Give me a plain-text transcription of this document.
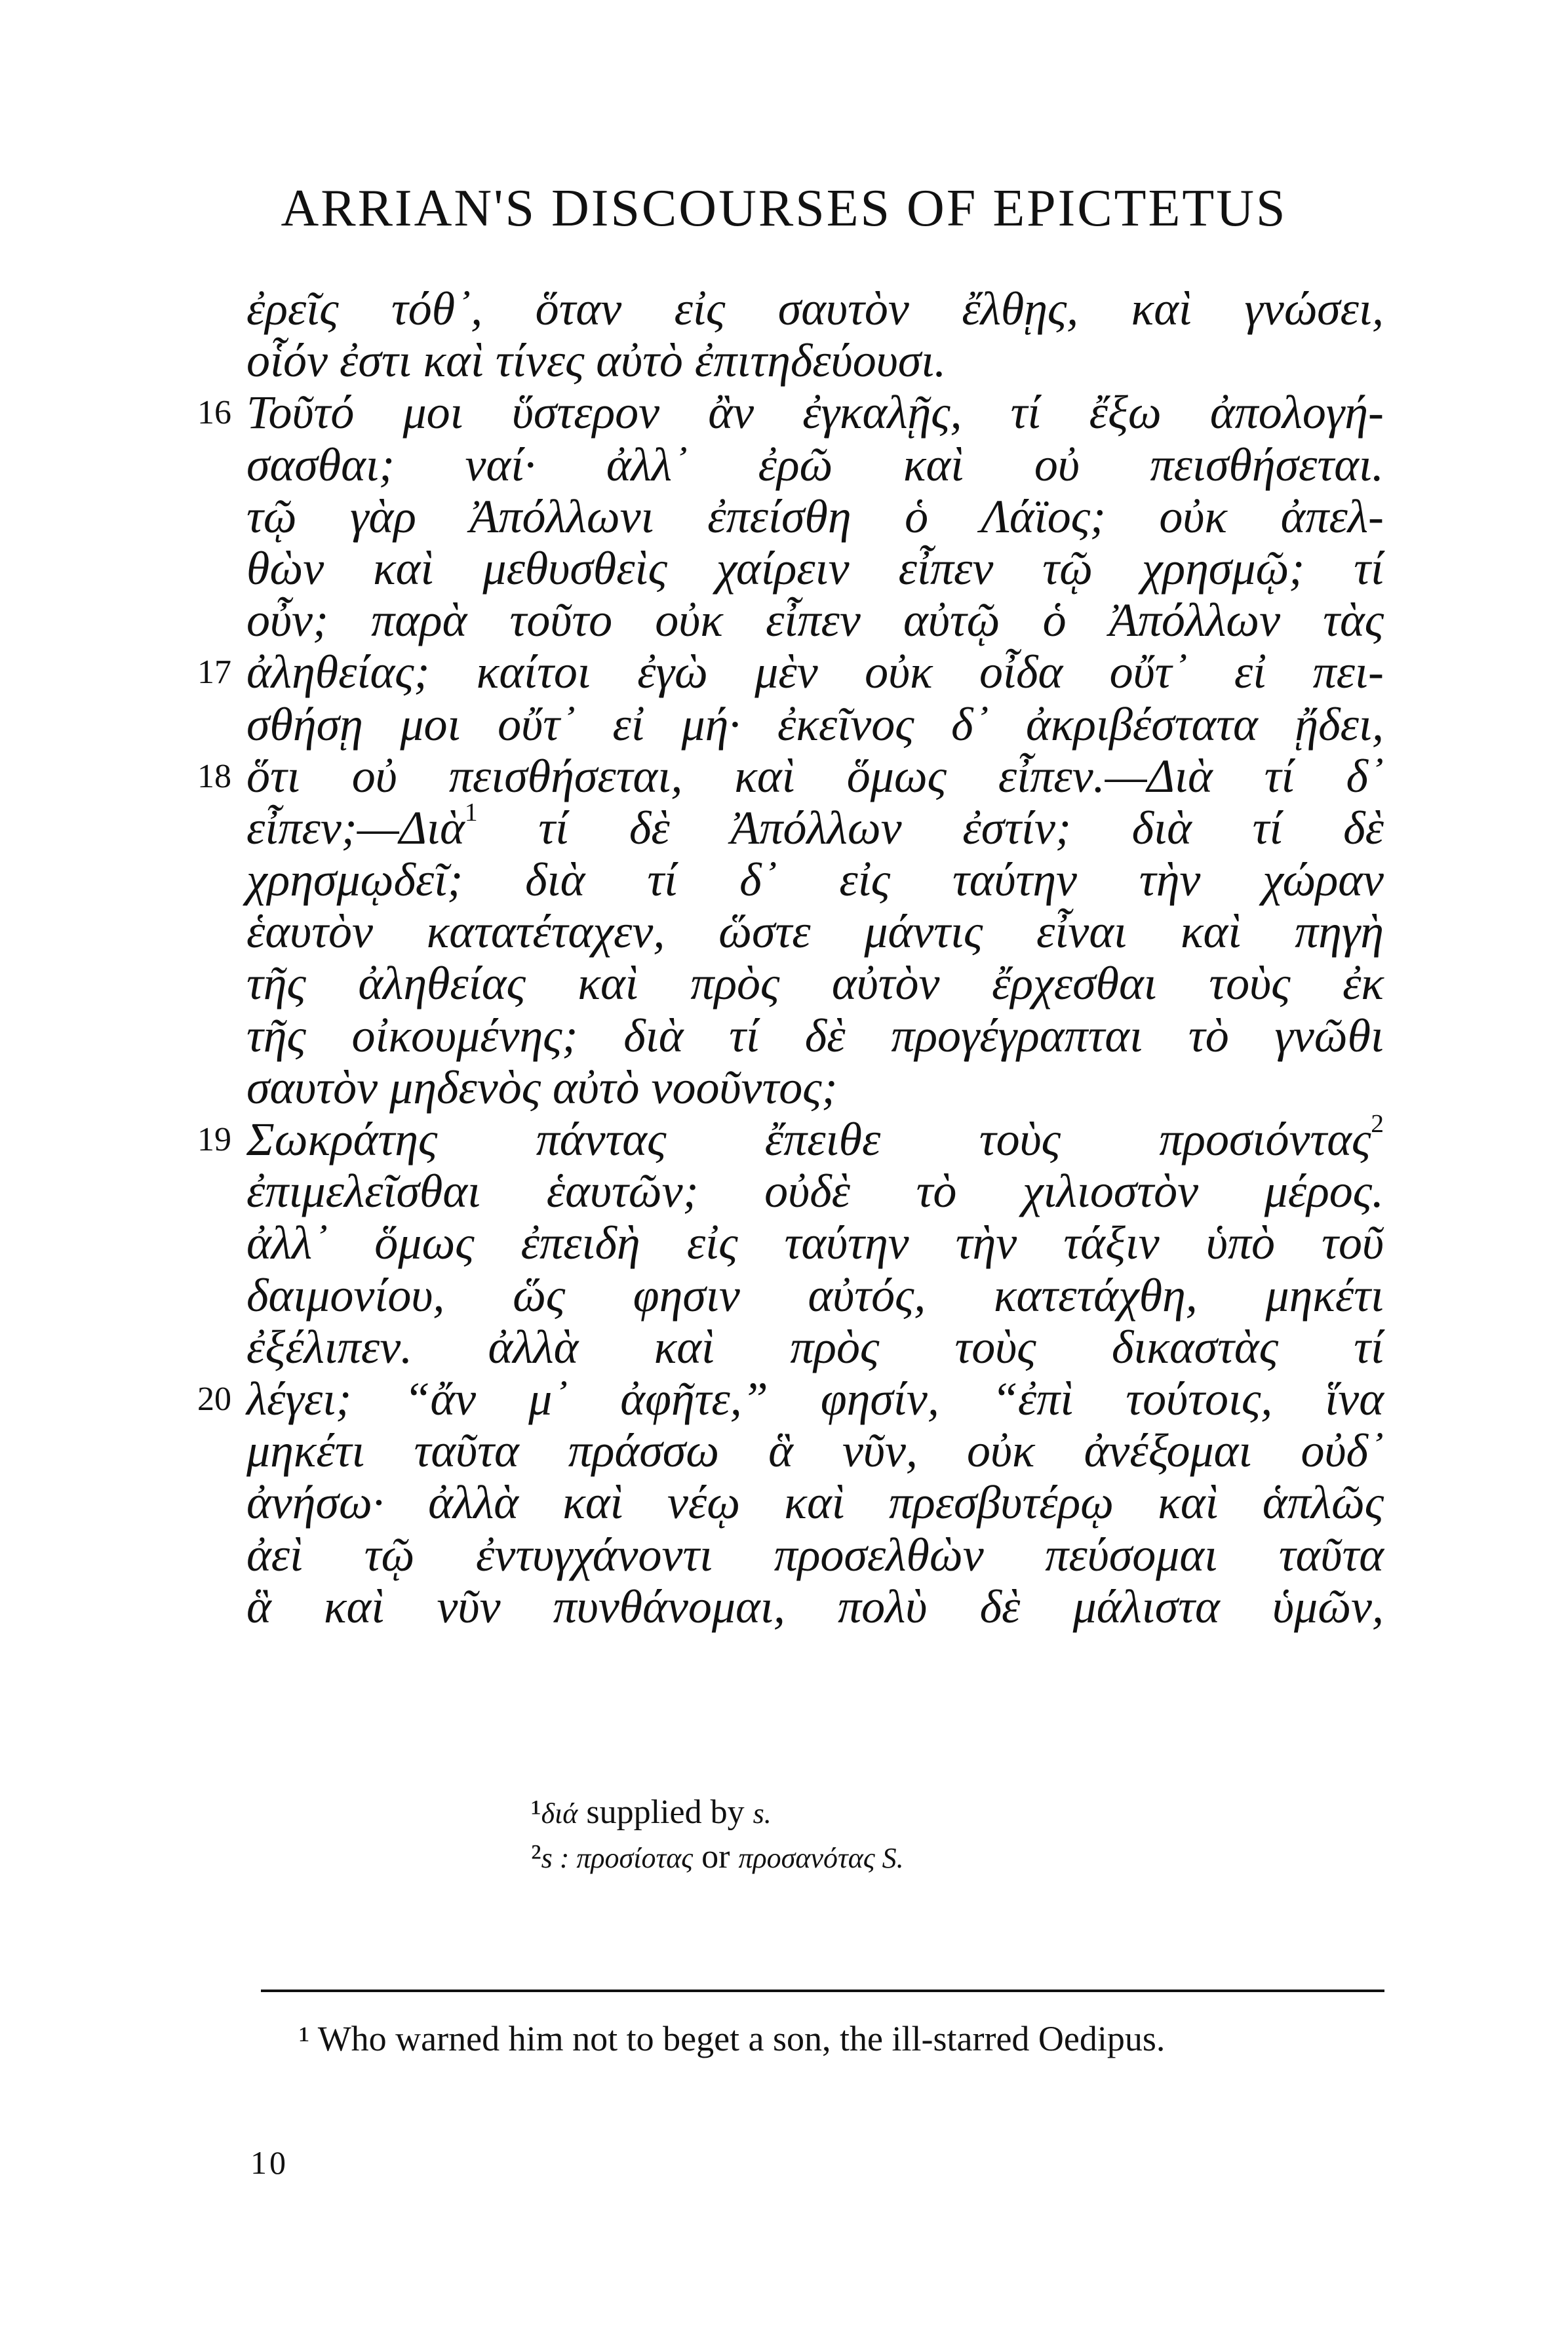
ARRIAN'S DISCOURSES OF EPICTETUS
ἐρεῖς τόθ᾽, ὅταν εἰς σαυτὸν ἔλθῃς, καὶ γνώσει,
οἷόν ἐστι καὶ τίνες αὐτὸ ἐπιτηδεύουσι.
16 Τοῦτό μοι ὕστερον ἂν ἐγκαλῇς, τί ἔξω ἀπολογή-
σασθαι; ναί· ἀλλ᾽ ἐρῶ καὶ οὐ πεισθήσεται.
τῷ γὰρ Ἀπόλλωνι ἐπείσθη ὁ Λάϊος; οὐκ ἀπελ-
θὼν καὶ μεθυσθεὶς χαίρειν εἶπεν τῷ χρησμῷ; τί
οὖν; παρὰ τοῦτο οὐκ εἶπεν αὐτῷ ὁ Ἀπόλλων τὰς
17 ἀληθείας; καίτοι ἐγὼ μὲν οὐκ οἶδα οὔτ᾽ εἰ πει-
σθήσῃ μοι οὔτ᾽ εἰ μή· ἐκεῖνος δ᾽ ἀκριβέστατα ᾔδει,
18 ὅτι οὐ πεισθήσεται, καὶ ὅμως εἶπεν.—Διὰ τί δ᾽
εἶπεν;—Διὰ$^1$ τί δὲ Ἀπόλλων ἐστίν; διὰ τί δὲ
χρησμῳδεῖ; διὰ τί δ᾽ εἰς ταύτην τὴν χώραν
ἑαυτὸν κατατέταχεν, ὥστε μάντις εἶναι καὶ πηγὴ
τῆς ἀληθείας καὶ πρὸς αὐτὸν ἔρχεσθαι τοὺς ἐκ
τῆς οἰκουμένης; διὰ τί δὲ προγέγραπται τὸ γνῶθι
σαυτὸν μηδενὸς αὐτὸ νοοῦντος;
19 Σωκράτης πάντας ἔπειθε τοὺς προσιόντας$^2$
ἐπιμελεῖσθαι ἑαυτῶν; οὐδὲ τὸ χιλιοστὸν μέρος.
ἀλλ᾽ ὅμως ἐπειδὴ εἰς ταύτην τὴν τάξιν ὑπὸ τοῦ
δαιμονίου, ὥς φησιν αὐτός, κατετάχθη, μηκέτι
ἐξέλιπεν. ἀλλὰ καὶ πρὸς τοὺς δικαστὰς τί
20 λέγει; “ἄν μ᾽ ἀφῆτε,” φησίν, “ἐπὶ τούτοις, ἵνα
μηκέτι ταῦτα πράσσω ἃ νῦν, οὐκ ἀνέξομαι οὐδ᾽
ἀνήσω· ἀλλὰ καὶ νέῳ καὶ πρεσβυτέρῳ καὶ ἁπλῶς
ἀεὶ τῷ ἐντυγχάνοντι προσελθὼν πεύσομαι ταῦτα
ἃ καὶ νῦν πυνθάνομαι, πολὺ δὲ μάλιστα ὑμῶν,
¹διά supplied by s.
²s : προσίοτας or προσανότας S.
¹ Who warned him not to beget a son, the ill-starred Oedipus.
10
